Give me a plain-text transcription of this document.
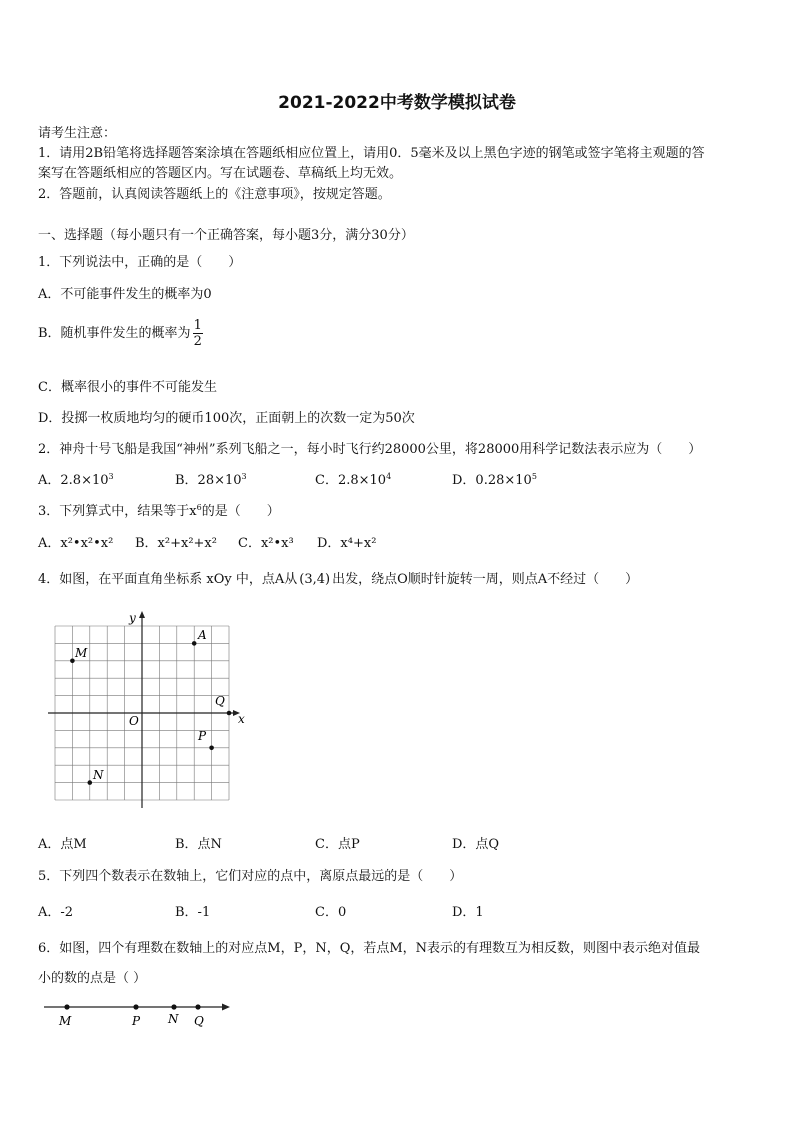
2021-2022中考数学模拟试卷
请考生注意：
1．请用2B铅笔将选择题答案涂填在答题纸相应位置上，请用0．5毫米及以上黑色字迹的钢笔或签字笔将主观题的答
案写在答题纸相应的答题区内。写在试题卷、草稿纸上均无效。
2．答题前，认真阅读答题纸上的《注意事项》，按规定答题。
一、选择题（每小题只有一个正确答案，每小题3分，满分30分）
1．下列说法中，正确的是（　　）
A．不可能事件发生的概率为0
B．随机事件发生的概率为 $\frac{1}{2}$
C．概率很小的事件不可能发生
D．投掷一枚质地均匀的硬币100次，正面朝上的次数一定为50次
2．神舟十号飞船是我国“神州”系列飞船之一，每小时飞行约28000公里，将28000用科学记数法表示应为（　　）
A．$2.8\times 10^3$	B．$28\times 10^3$	C．$2.8\times 10^4$	D．$0.28\times 10^5$
3．下列算式中，结果等于$x^6$的是（　　）
A．x²•x²•x² B．x²+x²+x² C．x²•x³ D．x⁴+x²
4．如图，在平面直角坐标系 xOy 中，点A从 (3,4) 出发，绕点O顺时针旋转一周，则点A不经过（　　）
y
x
O
A
M
Q
P
N
A．点M	B．点N	C．点P	D．点Q
5．下列四个数表示在数轴上，它们对应的点中，离原点最远的是（　　）
A．-2	B．-1	C．0	D．1
6．如图，四个有理数在数轴上的对应点M，P，N，Q，若点M，N表示的有理数互为相反数，则图中表示绝对值最
小的数的点是（ ）
M	P N Q
